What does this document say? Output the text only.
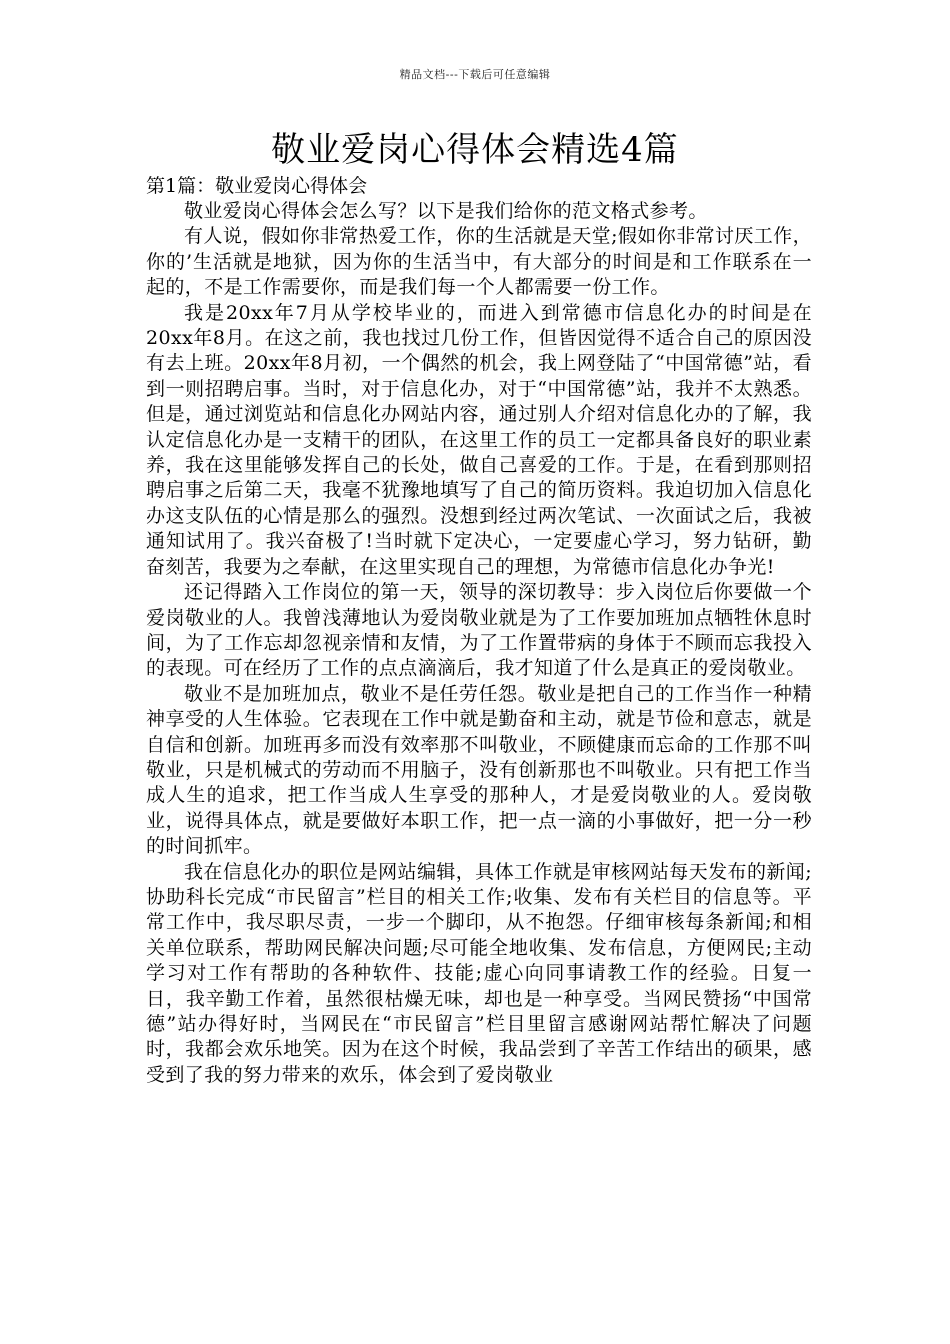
精品文档---下载后可任意编辑
敬业爱岗心得体会精选4篇
第1篇：敬业爱岗心得体会

敬业爱岗心得体会怎么写？以下是我们给你的范文格式参考。

有人说，假如你非常热爱工作，你的生活就是天堂;假如你非常讨厌工作，你的’生活就是地狱，因为你的生活当中，有大部分的时间是和工作联系在一起的，不是工作需要你，而是我们每一个人都需要一份工作。

我是20xx年7月从学校毕业的，而进入到常德市信息化办的时间是在20xx年8月。在这之前，我也找过几份工作，但皆因觉得不适合自己的原因没有去上班。20xx年8月初，一个偶然的机会，我上网登陆了“中国常德”站，看到一则招聘启事。当时，对于信息化办，对于“中国常德”站，我并不太熟悉。但是，通过浏览站和信息化办网站内容，通过别人介绍对信息化办的了解，我认定信息化办是一支精干的团队，在这里工作的员工一定都具备良好的职业素养，我在这里能够发挥自己的长处，做自己喜爱的工作。于是，在看到那则招聘启事之后第二天，我毫不犹豫地填写了自己的简历资料。我迫切加入信息化办这支队伍的心情是那么的强烈。没想到经过两次笔试、一次面试之后，我被通知试用了。我兴奋极了!当时就下定决心，一定要虚心学习，努力钻研，勤奋刻苦，我要为之奉献，在这里实现自己的理想，为常德市信息化办争光!

还记得踏入工作岗位的第一天，领导的深切教导：步入岗位后你要做一个爱岗敬业的人。我曾浅薄地认为爱岗敬业就是为了工作要加班加点牺牲休息时间，为了工作忘却忽视亲情和友情，为了工作置带病的身体于不顾而忘我投入的表现。可在经历了工作的点点滴滴后，我才知道了什么是真正的爱岗敬业。

敬业不是加班加点，敬业不是任劳任怨。敬业是把自己的工作当作一种精神享受的人生体验。它表现在工作中就是勤奋和主动，就是节俭和意志，就是自信和创新。加班再多而没有效率那不叫敬业，不顾健康而忘命的工作那不叫敬业，只是机械式的劳动而不用脑子，没有创新那也不叫敬业。只有把工作当成人生的追求，把工作当成人生享受的那种人，才是爱岗敬业的人。爱岗敬业，说得具体点，就是要做好本职工作，把一点一滴的小事做好，把一分一秒的时间抓牢。

我在信息化办的职位是网站编辑，具体工作就是审核网站每天发布的新闻;协助科长完成“市民留言”栏目的相关工作;收集、发布有关栏目的信息等。平常工作中，我尽职尽责，一步一个脚印，从不抱怨。仔细审核每条新闻;和相关单位联系，帮助网民解决问题;尽可能全地收集、发布信息，方便网民;主动学习对工作有帮助的各种软件、技能;虚心向同事请教工作的经验。日复一日，我辛勤工作着，虽然很枯燥无味，却也是一种享受。当网民赞扬“中国常德”站办得好时，当网民在“市民留言”栏目里留言感谢网站帮忙解决了问题时，我都会欢乐地笑。因为在这个时候，我品尝到了辛苦工作结出的硕果，感受到了我的努力带来的欢乐，体会到了爱岗敬业
